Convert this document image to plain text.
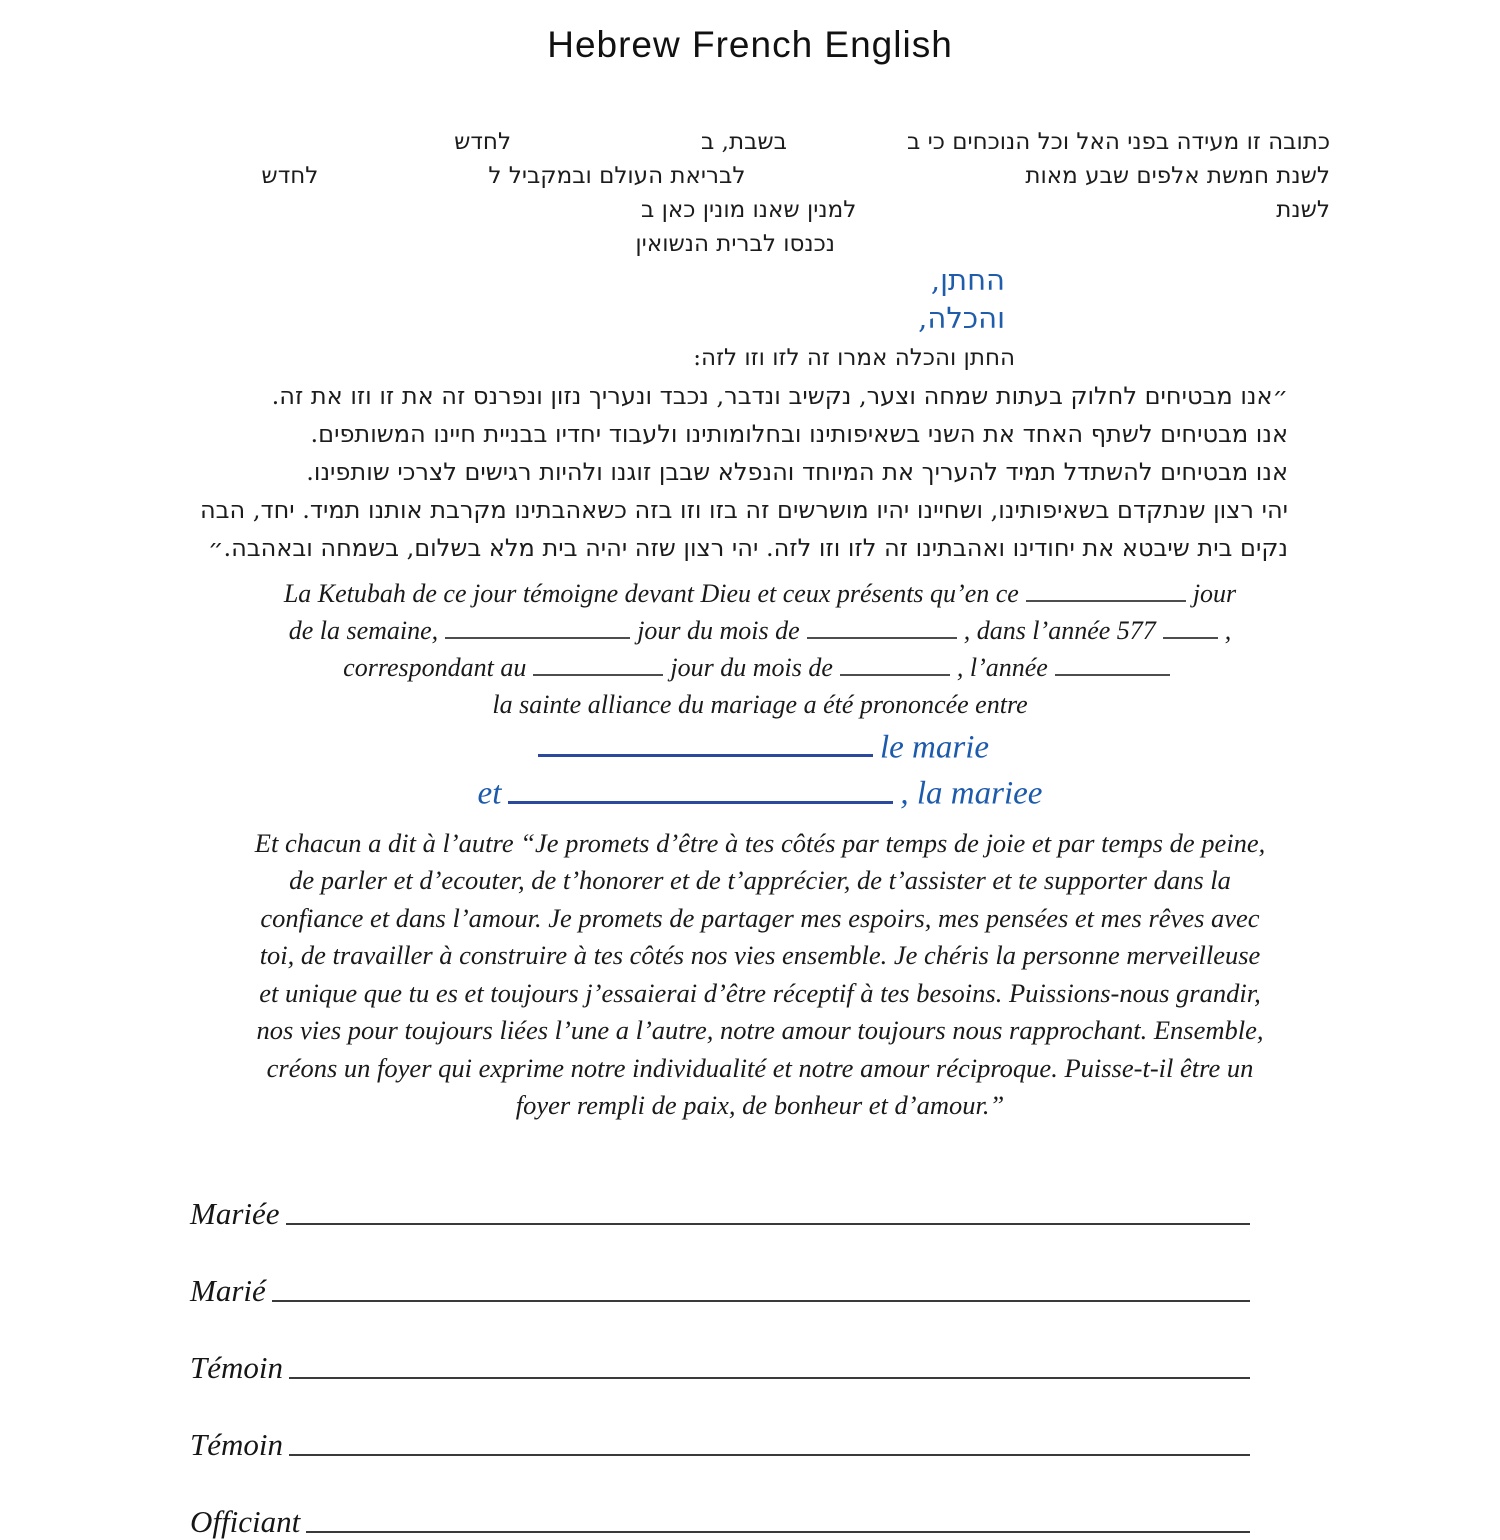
Hebrew French English
כתובה זו מעידה בפני האל וכל הנוכחים כי בבשבת, בלחדש
לשנת חמשת אלפים שבע מאותלבריאת העולם ובמקביל ללחדש
לשנתלמנין שאנו מונין כאן ב
נכנסו לברית הנשואין
החתן,
והכלה,
החתן והכלה אמרו זה לזו וזו לזה:
״אנו מבטיחים לחלוק בעתות שמחה וצער, נקשיב ונדבר, נכבד ונעריך נזון ונפרנס זה את זו וזו את זה.
אנו מבטיחים לשתף האחד את השני בשאיפותינו ובחלומותינו ולעבוד יחדיו בבניית חיינו המשותפים.
אנו מבטיחים להשתדל תמיד להעריך את המיוחד והנפלא שבבן זוגנו ולהיות רגישים לצרכי שותפינו.
יהי רצון שנתקדם בשאיפותינו, ושחיינו יהיו מושרשים זה בזו וזו בזה כשאהבתינו מקרבת אותנו תמיד. יחד, הבה
נקים בית שיבטא את יחודינו ואהבתינו זה לזו וזו לזה. יהי רצון שזה יהיה בית מלא בשלום, בשמחה ובאהבה.״
La Ketubah de ce jour témoigne devant Dieu et ceux présents qu’en ce	jour
de la semaine,	jour du mois de	, dans l’année 577	,
correspondant au	jour du mois de	, l’année
la sainte alliance du mariage a été prononcée entre
le marie
et	, la mariee
Et chacun a dit à l’autre “Je promets d’être à tes côtés par temps de joie et par temps de peine,
de parler et d’ecouter, de t’honorer et de t’apprécier, de t’assister et te supporter dans la
confiance et dans l’amour. Je promets de partager mes espoirs, mes pensées et mes rêves avec
toi, de travailler à construire à tes côtés nos vies ensemble. Je chéris la personne merveilleuse
et unique que tu es et toujours j’essaierai d’être réceptif à tes besoins. Puissions-nous grandir,
nos vies pour toujours liées l’une a l’autre, notre amour toujours nous rapprochant. Ensemble,
créons un foyer qui exprime notre individualité et notre amour réciproque. Puisse-t-il être un
foyer rempli de paix, de bonheur et d’amour.”
Mariée
Marié
Témoin
Témoin
Officiant
